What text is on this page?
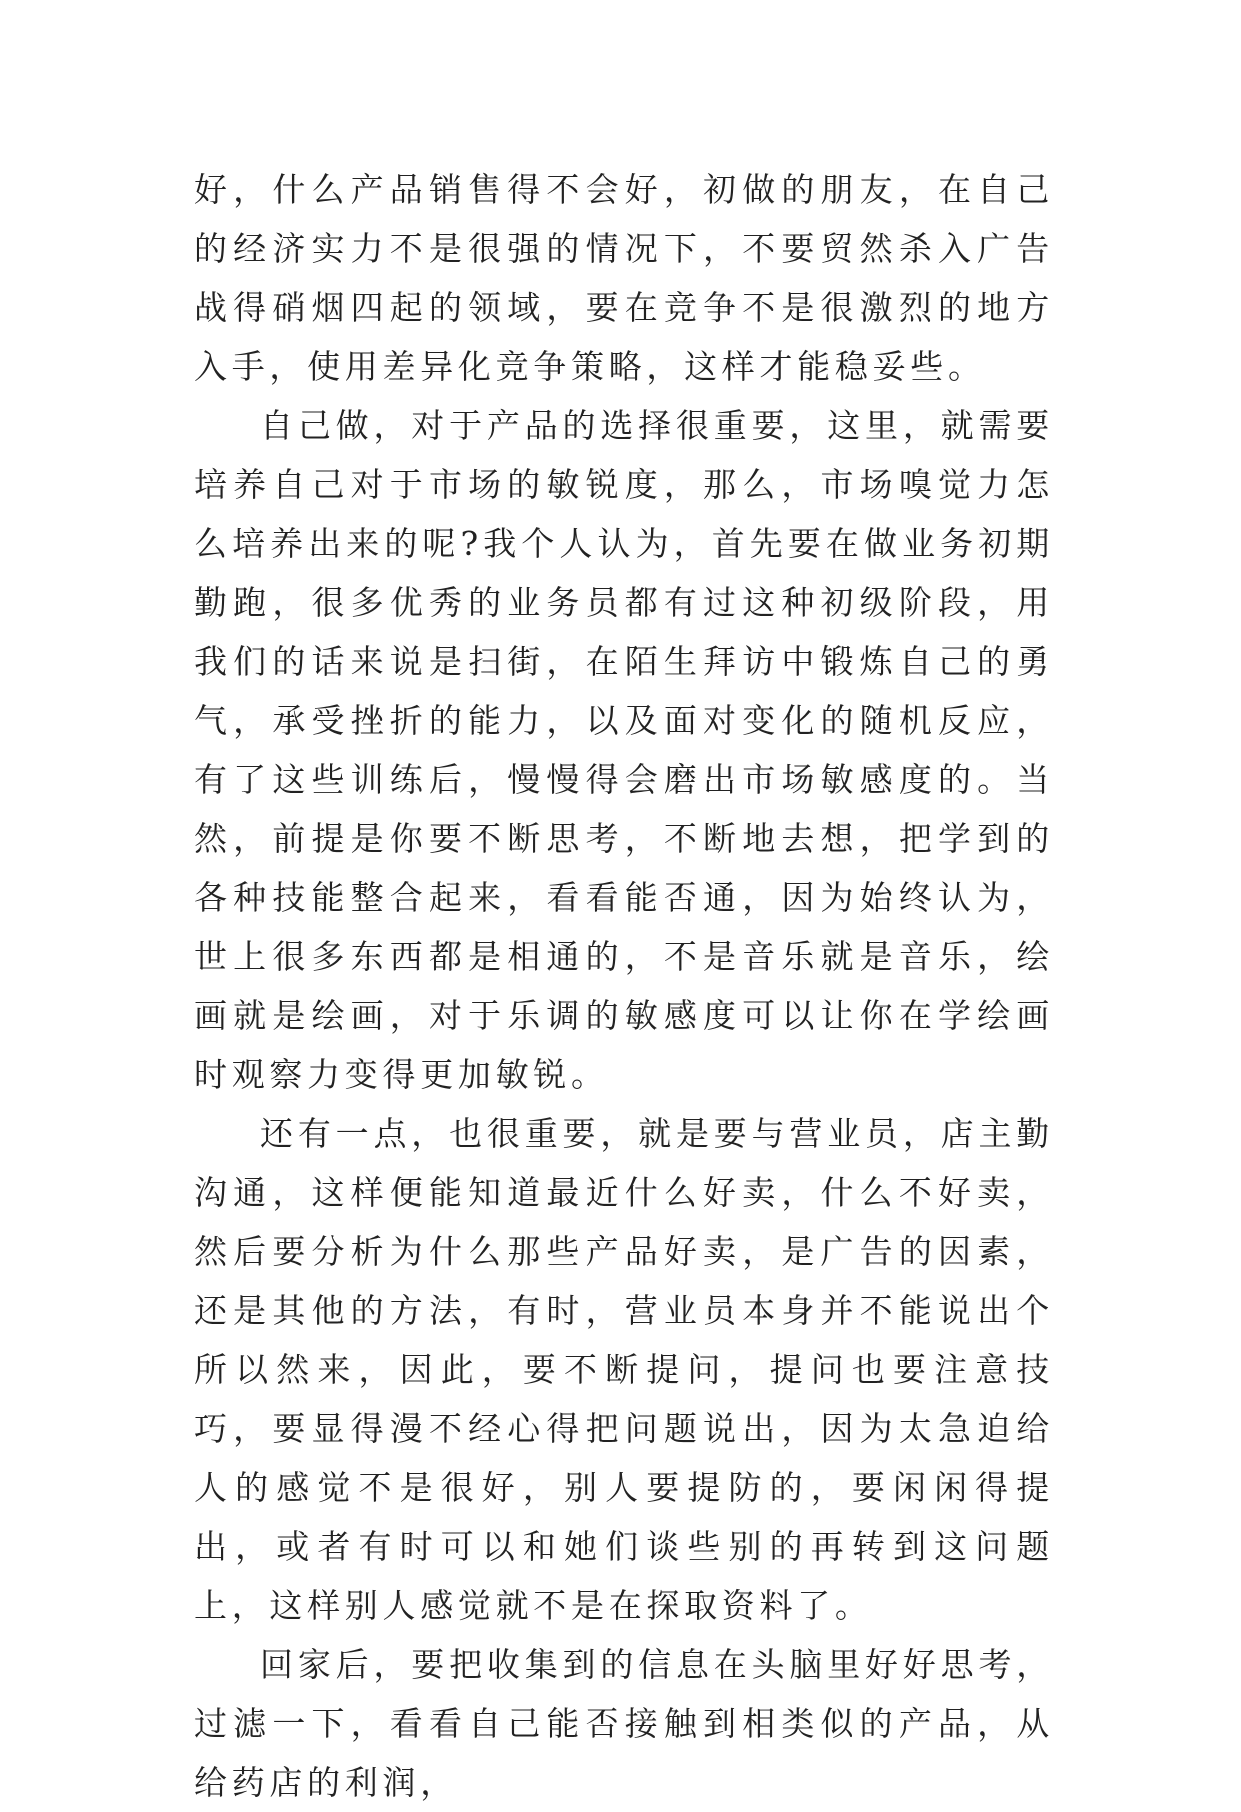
好，什么产品销售得不会好，初做的朋友，在自己的经济实力不是很强的情况下，不要贸然杀入广告战得硝烟四起的领域，要在竞争不是很激烈的地方入手，使用差异化竞争策略，这样才能稳妥些。

自己做，对于产品的选择很重要，这里，就需要培养自己对于市场的敏锐度，那么，市场嗅觉力怎么培养出来的呢?我个人认为，首先要在做业务初期勤跑，很多优秀的业务员都有过这种初级阶段，用我们的话来说是扫街，在陌生拜访中锻炼自己的勇气，承受挫折的能力，以及面对变化的随机反应，有了这些训练后，慢慢得会磨出市场敏感度的。当然，前提是你要不断思考，不断地去想，把学到的各种技能整合起来，看看能否通，因为始终认为，世上很多东西都是相通的，不是音乐就是音乐，绘画就是绘画，对于乐调的敏感度可以让你在学绘画时观察力变得更加敏锐。

还有一点，也很重要，就是要与营业员，店主勤沟通，这样便能知道最近什么好卖，什么不好卖，然后要分析为什么那些产品好卖，是广告的因素，还是其他的方法，有时，营业员本身并不能说出个所以然来，因此，要不断提问，提问也要注意技巧，要显得漫不经心得把问题说出，因为太急迫给人的感觉不是很好，别人要提防的，要闲闲得提出，或者有时可以和她们谈些别的再转到这问题上，这样别人感觉就不是在探取资料了。

回家后，要把收集到的信息在头脑里好好思考，过滤一下，看看自己能否接触到相类似的产品，从给药店的利润，
